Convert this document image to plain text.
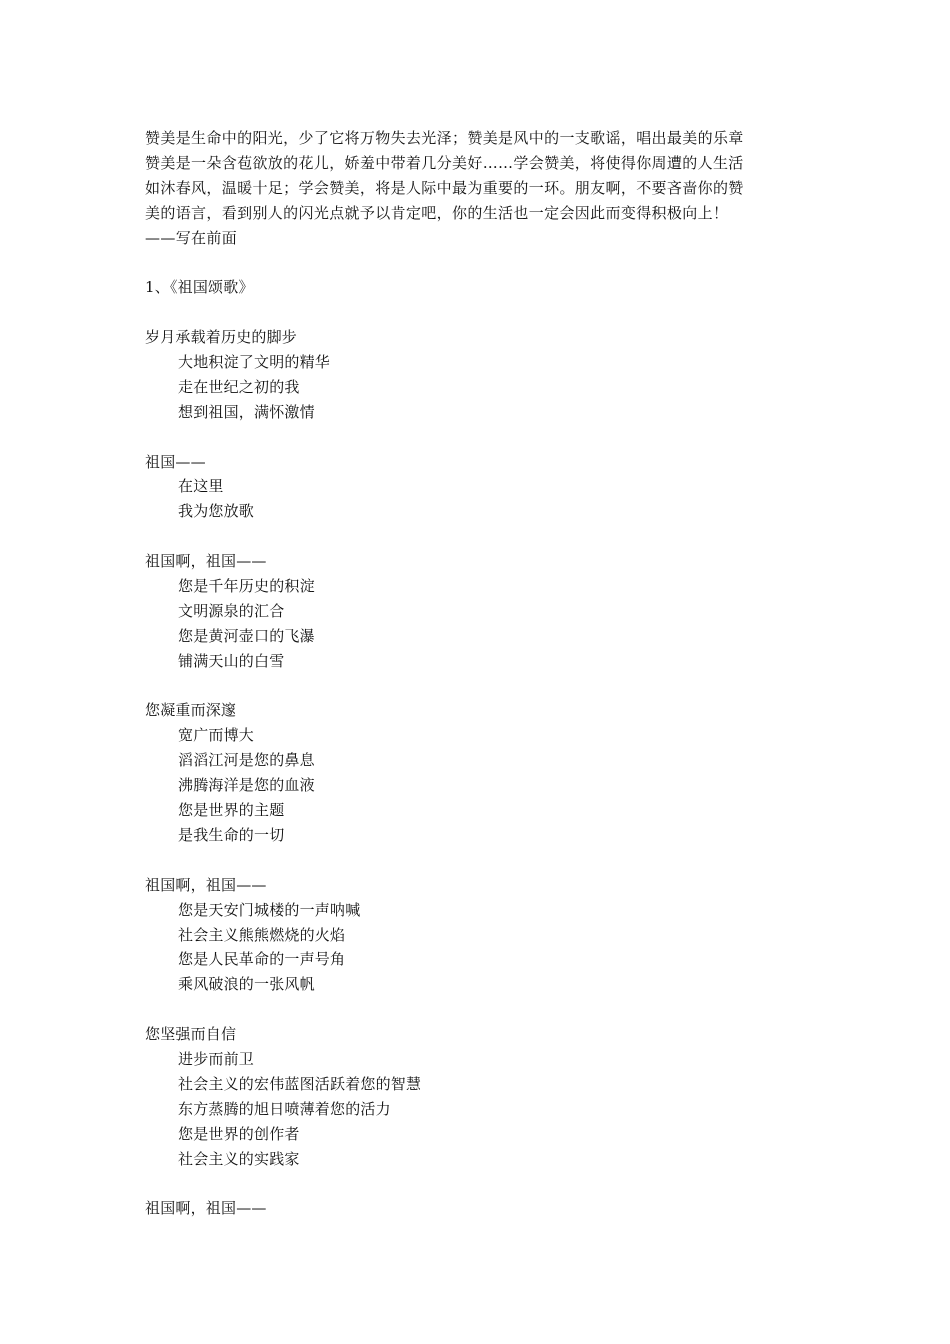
赞美是生命中的阳光，少了它将万物失去光泽；赞美是风中的一支歌谣，唱出最美的乐章
赞美是一朵含苞欲放的花儿，娇羞中带着几分美好……学会赞美，将使得你周遭的人生活
如沐春风，温暖十足；学会赞美，将是人际中最为重要的一环。朋友啊，不要吝啬你的赞
美的语言，看到别人的闪光点就予以肯定吧，你的生活也一定会因此而变得积极向上！
——写在前面
1、《祖国颂歌》
岁月承载着历史的脚步
大地积淀了文明的精华
走在世纪之初的我
想到祖国，满怀激情
祖国——
在这里
我为您放歌
祖国啊，祖国——
您是千年历史的积淀
文明源泉的汇合
您是黄河壶口的飞瀑
铺满天山的白雪
您凝重而深邃
宽广而博大
滔滔江河是您的鼻息
沸腾海洋是您的血液
您是世界的主题
是我生命的一切
祖国啊，祖国——
您是天安门城楼的一声呐喊
社会主义熊熊燃烧的火焰
您是人民革命的一声号角
乘风破浪的一张风帆
您坚强而自信
进步而前卫
社会主义的宏伟蓝图活跃着您的智慧
东方蒸腾的旭日喷薄着您的活力
您是世界的创作者
社会主义的实践家
祖国啊，祖国——
